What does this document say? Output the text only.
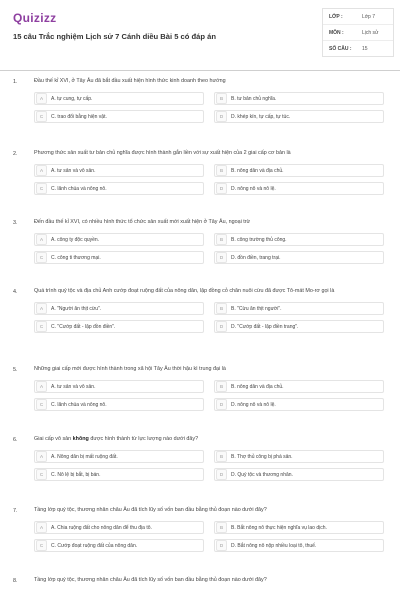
Quizizz
15 câu Trắc nghiệm Lịch sử 7 Cánh diều Bài 5 có đáp án
LỚP :	Lớp 7
MÔN :	Lịch sử
SỐ CÂU :	15
1.	Đầu thế kỉ XVI, ở Tây Âu đã bắt đầu xuất hiện hình thức kinh doanh theo hướng
A	A. tự cung, tự cấp.	B	B. tư bản chủ nghĩa.
C	C. trao đổi bằng hiện vật.	D	D. khép kín, tự cấp, tự túc.
2.	Phương thức sản xuất tư bản chủ nghĩa được hình thành gắn liền với sự xuất hiện của 2 giai cấp cơ bản là
A	A. tư sản và vô sản.	B	B. nông dân và địa chủ.
C	C. lãnh chúa và nông nô.	D	D. nông nô và nô lệ.
3.	Đến đầu thế kỉ XVI, có nhiều hình thức tổ chức sản xuất mới xuất hiện ở Tây Âu, ngoại trừ
A	A. công ty độc quyền.	B	B. công trường thủ công.
C	C. công ti thương mại.	D	D. đồn điền, trang trại.
4.	Quá trình quý tộc và địa chủ Anh cướp đoạt ruộng đất của nông dân, lập đồng cỏ chăn nuôi cừu đã được Tô-mát Mo-rơ gọi là
A	A. "Người ăn thịt cừu".	B	B. "Cừu ăn thịt người".
C	C. "Cướp đất - lập đồn điền".	D	D. "Cướp đất - lập điền trang".
5.	Những giai cấp mới được hình thành trong xã hội Tây Âu thời hậu kì trung đại là
A	A. tư sản và vô sản.	B	B. nông dân và địa chủ.
C	C. lãnh chúa và nông nô.	D	D. nông nô và nô lệ.
6.	Giai cấp vô sản không được hình thành từ lực lượng nào dưới đây?
A	A. Nông dân bị mất ruộng đất.	B	B. Thợ thủ công bị phá sản.
C	C. Nô lệ bị bắt, bị bán.	D	D. Quý tộc và thương nhân.
7.	Tầng lớp quý tộc, thương nhân châu Âu đã tích lũy số vốn ban đầu bằng thủ đoạn nào dưới đây?
A	A. Chia ruộng đất cho nông dân để thu địa tô.	B	B. Bắt nông nô thực hiện nghĩa vụ lao dịch.
C	C. Cướp đoạt ruộng đất của nông dân.	D	D. Bắt nông nô nộp nhiều loại tô, thuế.
8.	Tầng lớp quý tộc, thương nhân châu Âu đã tích lũy số vốn ban đầu bằng thủ đoạn nào dưới đây?
